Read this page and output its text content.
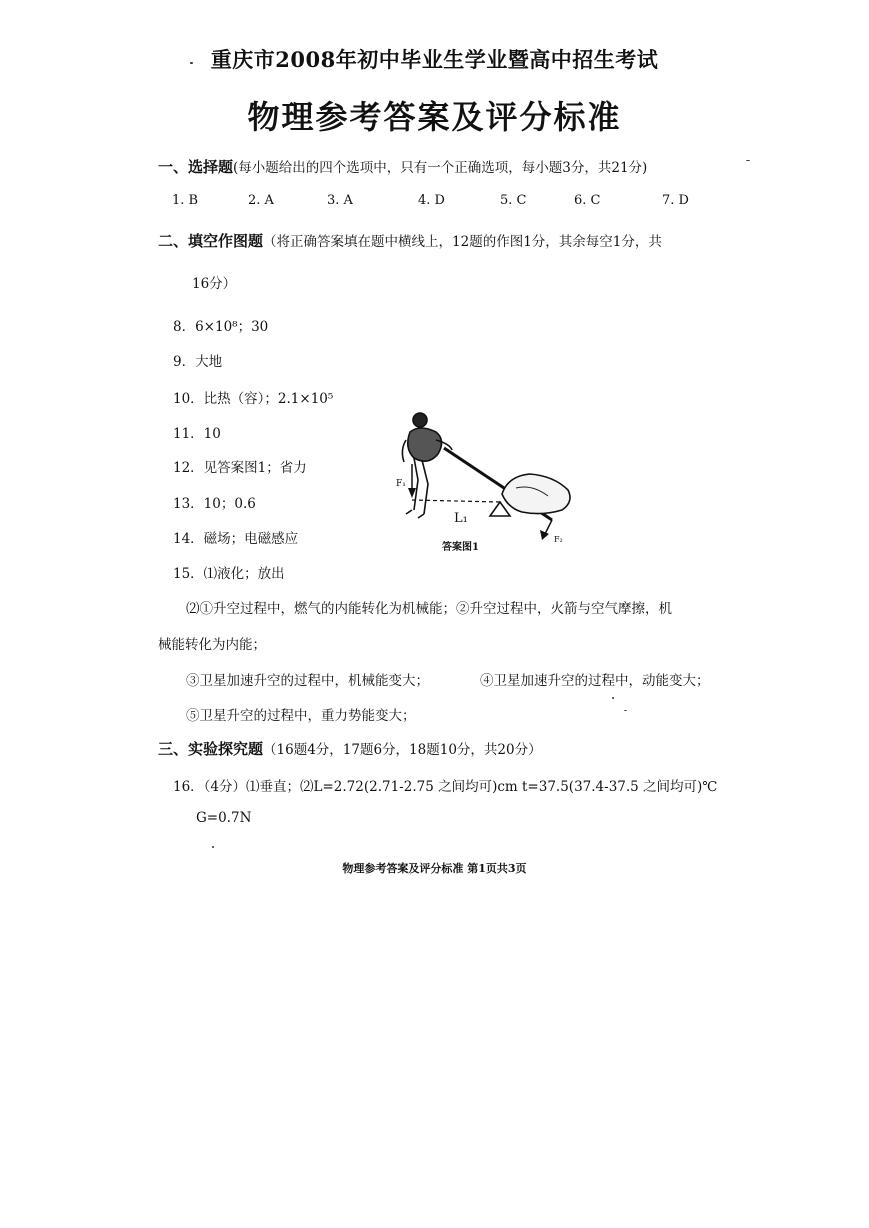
重庆市2008年初中毕业生学业暨高中招生考试
物理参考答案及评分标准
一、选择题(每小题给出的四个选项中，只有一个正确选项，每小题3分，共21分)
1. B	2. A	3. A	4. D	5. C	6. C	7. D
二、填空作图题（将正确答案填在题中横线上，12题的作图1分，其余每空1分，共
16分）
8．6×10⁸；30
9．大地
10．比热（容）；2.1×10⁵
11．10
12．见答案图1；省力
13．10；0.6
14．磁场；电磁感应
15．⑴液化；放出
⑵①升空过程中，燃气的内能转化为机械能；②升空过程中，火箭与空气摩擦，机
械能转化为内能；
③卫星加速升空的过程中，机械能变大；	④卫星加速升空的过程中，动能变大；
⑤卫星升空的过程中，重力势能变大；
三、实验探究题（16题4分，17题6分，18题10分，共20分）
16．（4分）⑴垂直；⑵L=2.72(2.71-2.75 之间均可)cm t=37.5(37.4-37.5 之间均可)℃
G=0.7N
物理参考答案及评分标准 第1页共3页
F₁
L₁
F₂
答案图1
